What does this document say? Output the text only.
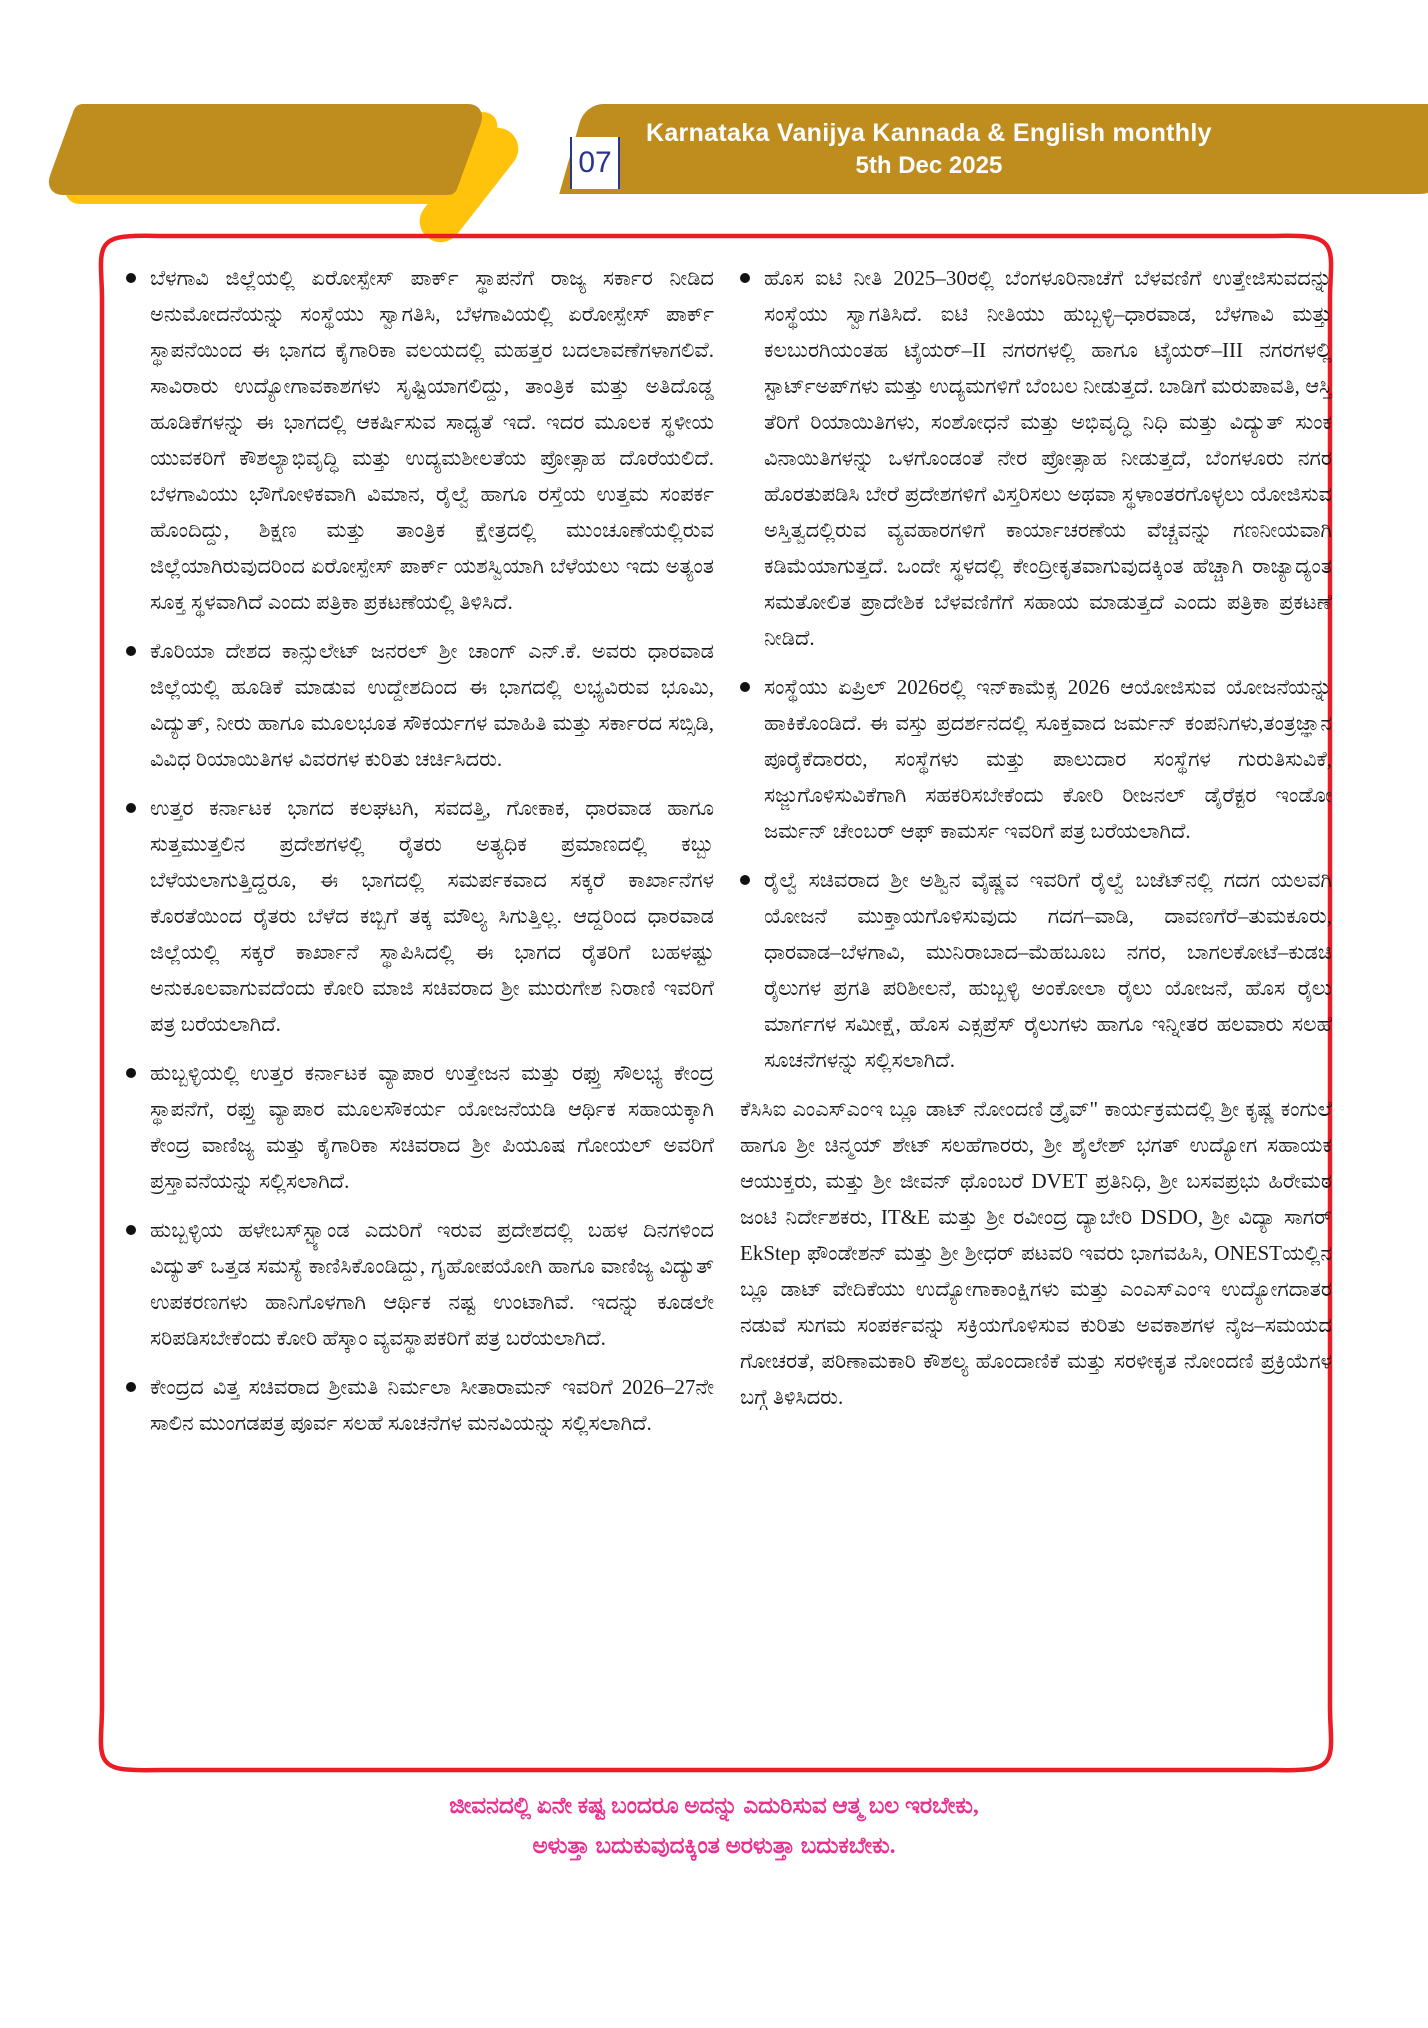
07
Karnataka Vanijya Kannada & English monthly
5th Dec 2025
ಬೆಳಗಾವಿ ಜಿಲ್ಲೆಯಲ್ಲಿ ಏರೋಸ್ಪೇಸ್ ಪಾರ್ಕ್ ಸ್ಥಾಪನೆಗೆ ರಾಜ್ಯ ಸರ್ಕಾರ ನೀಡಿದ ಅನುಮೋದನೆಯನ್ನು ಸಂಸ್ಥೆಯು ಸ್ವಾಗತಿಸಿ, ಬೆಳಗಾವಿಯಲ್ಲಿ ಏರೋಸ್ಪೇಸ್ ಪಾರ್ಕ್ ಸ್ಥಾಪನೆಯಿಂದ ಈ ಭಾಗದ ಕೈಗಾರಿಕಾ ವಲಯದಲ್ಲಿ ಮಹತ್ತರ ಬದಲಾವಣೆಗಳಾಗಲಿವೆ. ಸಾವಿರಾರು ಉದ್ಯೋಗಾವಕಾಶಗಳು ಸೃಷ್ಟಿಯಾಗಲಿದ್ದು, ತಾಂತ್ರಿಕ ಮತ್ತು ಅತಿದೊಡ್ಡ ಹೂಡಿಕೆಗಳನ್ನು ಈ ಭಾಗದಲ್ಲಿ ಆಕರ್ಷಿಸುವ ಸಾಧ್ಯತೆ ಇದೆ. ಇದರ ಮೂಲಕ ಸ್ಥಳೀಯ ಯುವಕರಿಗೆ ಕೌಶಲ್ಯಾಭಿವೃದ್ಧಿ ಮತ್ತು ಉದ್ಯಮಶೀಲತೆಯ ಪ್ರೋತ್ಸಾಹ ದೊರೆಯಲಿದೆ. ಬೆಳಗಾವಿಯು ಭೌಗೋಳಿಕವಾಗಿ ವಿಮಾನ, ರೈಲ್ವೆ ಹಾಗೂ ರಸ್ತೆಯ ಉತ್ತಮ ಸಂಪರ್ಕ ಹೊಂದಿದ್ದು, ಶಿಕ್ಷಣ ಮತ್ತು ತಾಂತ್ರಿಕ ಕ್ಷೇತ್ರದಲ್ಲಿ ಮುಂಚೂಣೆಯಲ್ಲಿರುವ ಜಿಲ್ಲೆಯಾಗಿರುವುದರಿಂದ ಏರೋಸ್ಪೇಸ್ ಪಾರ್ಕ್ ಯಶಸ್ವಿಯಾಗಿ ಬೆಳೆಯಲು ಇದು ಅತ್ಯಂತ ಸೂಕ್ತ ಸ್ಥಳವಾಗಿದೆ ಎಂದು ಪತ್ರಿಕಾ ಪ್ರಕಟಣೆಯಲ್ಲಿ ತಿಳಿಸಿದೆ.
ಕೊರಿಯಾ ದೇಶದ ಕಾನ್ಸುಲೇಟ್ ಜನರಲ್ ಶ್ರೀ ಚಾಂಗ್ ಎನ್.ಕೆ. ಅವರು ಧಾರವಾಡ ಜಿಲ್ಲೆಯಲ್ಲಿ ಹೂಡಿಕೆ ಮಾಡುವ ಉದ್ದೇಶದಿಂದ ಈ ಭಾಗದಲ್ಲಿ ಲಭ್ಯವಿರುವ ಭೂಮಿ, ವಿದ್ಯುತ್, ನೀರು ಹಾಗೂ ಮೂಲಭೂತ ಸೌಕರ್ಯಗಳ ಮಾಹಿತಿ ಮತ್ತು ಸರ್ಕಾರದ ಸಬ್ಸಿಡಿ, ವಿವಿಧ ರಿಯಾಯಿತಿಗಳ ವಿವರಗಳ ಕುರಿತು ಚರ್ಚಿಸಿದರು.
ಉತ್ತರ ಕರ್ನಾಟಕ ಭಾಗದ ಕಲಘಟಗಿ, ಸವದತ್ತಿ, ಗೋಕಾಕ, ಧಾರವಾಡ ಹಾಗೂ ಸುತ್ತಮುತ್ತಲಿನ ಪ್ರದೇಶಗಳಲ್ಲಿ ರೈತರು ಅತ್ಯಧಿಕ ಪ್ರಮಾಣದಲ್ಲಿ ಕಬ್ಬು ಬೆಳೆಯಲಾಗುತ್ತಿದ್ದರೂ, ಈ ಭಾಗದಲ್ಲಿ ಸಮರ್ಪಕವಾದ ಸಕ್ಕರೆ ಕಾರ್ಖಾನೆಗಳ ಕೊರತೆಯಿಂದ ರೈತರು ಬೆಳೆದ ಕಬ್ಬಿಗೆ ತಕ್ಕ ಮೌಲ್ಯ ಸಿಗುತ್ತಿಲ್ಲ. ಆದ್ದರಿಂದ ಧಾರವಾಡ ಜಿಲ್ಲೆಯಲ್ಲಿ ಸಕ್ಕರೆ ಕಾರ್ಖಾನೆ ಸ್ಥಾಪಿಸಿದಲ್ಲಿ ಈ ಭಾಗದ ರೈತರಿಗೆ ಬಹಳಷ್ಟು ಅನುಕೂಲವಾಗುವದೆಂದು ಕೋರಿ ಮಾಜಿ ಸಚಿವರಾದ ಶ್ರೀ ಮುರುಗೇಶ ನಿರಾಣಿ ಇವರಿಗೆ ಪತ್ರ ಬರೆಯಲಾಗಿದೆ.
ಹುಬ್ಬಳ್ಳಿಯಲ್ಲಿ ಉತ್ತರ ಕರ್ನಾಟಕ ವ್ಯಾಪಾರ ಉತ್ತೇಜನ ಮತ್ತು ರಫ್ತು ಸೌಲಭ್ಯ ಕೇಂದ್ರ ಸ್ಥಾಪನೆಗೆ, ರಫ್ತು ವ್ಯಾಪಾರ ಮೂಲಸೌಕರ್ಯ ಯೋಜನೆಯಡಿ ಆರ್ಥಿಕ ಸಹಾಯಕ್ಕಾಗಿ ಕೇಂದ್ರ ವಾಣಿಜ್ಯ ಮತ್ತು ಕೈಗಾರಿಕಾ ಸಚಿವರಾದ ಶ್ರೀ ಪಿಯೂಷ ಗೋಯಲ್ ಅವರಿಗೆ ಪ್ರಸ್ತಾವನೆಯನ್ನು ಸಲ್ಲಿಸಲಾಗಿದೆ.
ಹುಬ್ಬಳ್ಳಿಯ ಹಳೇಬಸ್‌ಸ್ಟ್ಯಾಂಡ ಎದುರಿಗೆ ಇರುವ ಪ್ರದೇಶದಲ್ಲಿ ಬಹಳ ದಿನಗಳಿಂದ ವಿದ್ಯುತ್ ಒತ್ತಡ ಸಮಸ್ಯೆ ಕಾಣಿಸಿಕೊಂಡಿದ್ದು, ಗೃಹೋಪಯೋಗಿ ಹಾಗೂ ವಾಣಿಜ್ಯ ವಿದ್ಯುತ್ ಉಪಕರಣಗಳು ಹಾನಿಗೊಳಗಾಗಿ ಆರ್ಥಿಕ ನಷ್ಟ ಉಂಟಾಗಿವೆ. ಇದನ್ನು ಕೂಡಲೇ ಸರಿಪಡಿಸಬೇಕೆಂದು ಕೋರಿ ಹೆಸ್ಕಾಂ ವ್ಯವಸ್ಥಾಪಕರಿಗೆ ಪತ್ರ ಬರೆಯಲಾಗಿದೆ.
ಕೇಂದ್ರದ ವಿತ್ತ ಸಚಿವರಾದ ಶ್ರೀಮತಿ ನಿರ್ಮಲಾ ಸೀತಾರಾಮನ್ ಇವರಿಗೆ 2026–27ನೇ ಸಾಲಿನ ಮುಂಗಡಪತ್ರ ಪೂರ್ವ ಸಲಹೆ ಸೂಚನೆಗಳ ಮನವಿಯನ್ನು ಸಲ್ಲಿಸಲಾಗಿದೆ.
ಹೊಸ ಐಟಿ ನೀತಿ 2025–30ರಲ್ಲಿ ಬೆಂಗಳೂರಿನಾಚೆಗೆ ಬೆಳವಣಿಗೆ ಉತ್ತೇಜಿಸುವದನ್ನು ಸಂಸ್ಥೆಯು ಸ್ವಾಗತಿಸಿದೆ. ಐಟಿ ನೀತಿಯು ಹುಬ್ಬಳ್ಳಿ–ಧಾರವಾಡ, ಬೆಳಗಾವಿ ಮತ್ತು ಕಲಬುರಗಿಯಂತಹ ಟೈಯರ್–II ನಗರಗಳಲ್ಲಿ ಹಾಗೂ ಟೈಯರ್–III ನಗರಗಳಲ್ಲಿ ಸ್ಟಾರ್ಟ್‌ಅಪ್‌ಗಳು ಮತ್ತು ಉದ್ಯಮಗಳಿಗೆ ಬೆಂಬಲ ನೀಡುತ್ತದೆ. ಬಾಡಿಗೆ ಮರುಪಾವತಿ, ಆಸ್ತಿ ತೆರಿಗೆ ರಿಯಾಯಿತಿಗಳು, ಸಂಶೋಧನೆ ಮತ್ತು ಅಭಿವೃದ್ಧಿ ನಿಧಿ ಮತ್ತು ವಿದ್ಯುತ್ ಸುಂಕ ವಿನಾಯಿತಿಗಳನ್ನು ಒಳಗೊಂಡಂತೆ ನೇರ ಪ್ರೋತ್ಸಾಹ ನೀಡುತ್ತದೆ, ಬೆಂಗಳೂರು ನಗರ ಹೊರತುಪಡಿಸಿ ಬೇರೆ ಪ್ರದೇಶಗಳಿಗೆ ವಿಸ್ತರಿಸಲು ಅಥವಾ ಸ್ಥಳಾಂತರಗೊಳ್ಳಲು ಯೋಜಿಸುವ ಅಸ್ತಿತ್ವದಲ್ಲಿರುವ ವ್ಯವಹಾರಗಳಿಗೆ ಕಾರ್ಯಾಚರಣೆಯ ವೆಚ್ಚವನ್ನು ಗಣನೀಯವಾಗಿ ಕಡಿಮೆಯಾಗುತ್ತದೆ. ಒಂದೇ ಸ್ಥಳದಲ್ಲಿ ಕೇಂದ್ರೀಕೃತವಾಗುವುದಕ್ಕಿಂತ ಹೆಚ್ಚಾಗಿ ರಾಜ್ಯಾದ್ಯಂತ ಸಮತೋಲಿತ ಪ್ರಾದೇಶಿಕ ಬೆಳವಣಿಗೆಗೆ ಸಹಾಯ ಮಾಡುತ್ತದೆ ಎಂದು ಪತ್ರಿಕಾ ಪ್ರಕಟಣೆ ನೀಡಿದೆ.
ಸಂಸ್ಥೆಯು ಏಪ್ರಿಲ್ 2026ರಲ್ಲಿ ಇನ್‌ಕಾಮೆಕ್ಸ 2026 ಆಯೋಜಿಸುವ ಯೋಜನೆಯನ್ನು ಹಾಕಿಕೊಂಡಿದೆ. ಈ ವಸ್ತು ಪ್ರದರ್ಶನದಲ್ಲಿ ಸೂಕ್ತವಾದ ಜರ್ಮನ್ ಕಂಪನಿಗಳು,ತಂತ್ರಜ್ಞಾನ ಪೂರೈಕೆದಾರರು, ಸಂಸ್ಥೆಗಳು ಮತ್ತು ಪಾಲುದಾರ ಸಂಸ್ಥೆಗಳ ಗುರುತಿಸುವಿಕೆ, ಸಜ್ಜುಗೊಳಿಸುವಿಕೆಗಾಗಿ ಸಹಕರಿಸಬೇಕೆಂದು ಕೋರಿ ರೀಜನಲ್ ಡೈರೆಕ್ಟರ ಇಂಡೋ ಜರ್ಮನ್ ಚೇಂಬರ್ ಆಫ್ ಕಾಮರ್ಸ ಇವರಿಗೆ ಪತ್ರ ಬರೆಯಲಾಗಿದೆ.
ರೈಲ್ವೆ ಸಚಿವರಾದ ಶ್ರೀ ಅಶ್ವಿನ ವೈಷ್ಣವ ಇವರಿಗೆ ರೈಲ್ವೆ ಬಜೆಟ್‌ನಲ್ಲಿ ಗದಗ ಯಲವಗಿ ಯೋಜನೆ ಮುಕ್ತಾಯಗೊಳಿಸುವುದು ಗದಗ–ವಾಡಿ, ದಾವಣಗೆರೆ–ತುಮಕೂರು, ಧಾರವಾಡ–ಬೆಳಗಾವಿ, ಮುನಿರಾಬಾದ–ಮೆಹಬೂಬ ನಗರ, ಬಾಗಲಕೋಟೆ–ಕುಡಚಿ ರೈಲುಗಳ ಪ್ರಗತಿ ಪರಿಶೀಲನೆ, ಹುಬ್ಬಳ್ಳಿ ಅಂಕೋಲಾ ರೈಲು ಯೋಜನೆ, ಹೊಸ ರೈಲು ಮಾರ್ಗಗಳ ಸಮೀಕ್ಷೆ, ಹೊಸ ಎಕ್ಸಪ್ರೆಸ್ ರೈಲುಗಳು ಹಾಗೂ ಇನ್ನೀತರ ಹಲವಾರು ಸಲಹೆ ಸೂಚನೆಗಳನ್ನು ಸಲ್ಲಿಸಲಾಗಿದೆ.
ಕೆಸಿಸಿಐ ಎಂಎಸ್‌ಎಂಇ ಬ್ಲೂ ಡಾಟ್ ನೋಂದಣಿ ಡ್ರೈವ್" ಕಾರ್ಯಕ್ರಮದಲ್ಲಿ ಶ್ರೀ ಕೃಷ್ಣ ಕಂಗುಲೆ ಹಾಗೂ ಶ್ರೀ ಚಿನ್ಮಯ್ ಶೇಟ್ ಸಲಹೆಗಾರರು, ಶ್ರೀ ಶೈಲೇಶ್ ಭಗತ್ ಉದ್ಯೋಗ ಸಹಾಯಕ ಆಯುಕ್ತರು, ಮತ್ತು ಶ್ರೀ ಜೀವನ್ ಥೊಂಬರೆ DVET ಪ್ರತಿನಿಧಿ, ಶ್ರೀ ಬಸವಪ್ರಭು ಹಿರೇಮಠ ಜಂಟಿ ನಿರ್ದೇಶಕರು, IT&E ಮತ್ತು ಶ್ರೀ ರವೀಂದ್ರ ದ್ಯಾಬೇರಿ DSDO, ಶ್ರೀ ವಿದ್ಯಾ ಸಾಗರ್ EkStep ಫೌಂಡೇಶನ್ ಮತ್ತು ಶ್ರೀ ಶ್ರೀಧರ್ ಪಟವರಿ ಇವರು ಭಾಗವಹಿಸಿ, ONESTಯಲ್ಲಿನ ಬ್ಲೂ ಡಾಟ್ ವೇದಿಕೆಯು ಉದ್ಯೋಗಾಕಾಂಕ್ಷಿಗಳು ಮತ್ತು ಎಂಎಸ್‌ಎಂಇ ಉದ್ಯೋಗದಾತರ ನಡುವೆ ಸುಗಮ ಸಂಪರ್ಕವನ್ನು ಸಕ್ರಿಯಗೊಳಿಸುವ ಕುರಿತು ಅವಕಾಶಗಳ ನೈಜ–ಸಮಯದ ಗೋಚರತೆ, ಪರಿಣಾಮಕಾರಿ ಕೌಶಲ್ಯ ಹೊಂದಾಣಿಕೆ ಮತ್ತು ಸರಳೀಕೃತ ನೋಂದಣಿ ಪ್ರಕ್ರಿಯೆಗಳ ಬಗ್ಗೆ ತಿಳಿಸಿದರು.
ಜೀವನದಲ್ಲಿ ಏನೇ ಕಷ್ಟ ಬಂದರೂ ಅದನ್ನು ಎದುರಿಸುವ ಆತ್ಮ ಬಲ ಇರಬೇಕು,
ಅಳುತ್ತಾ ಬದುಕುವುದಕ್ಕಿಂತ ಅರಳುತ್ತಾ ಬದುಕಬೇಕು.
